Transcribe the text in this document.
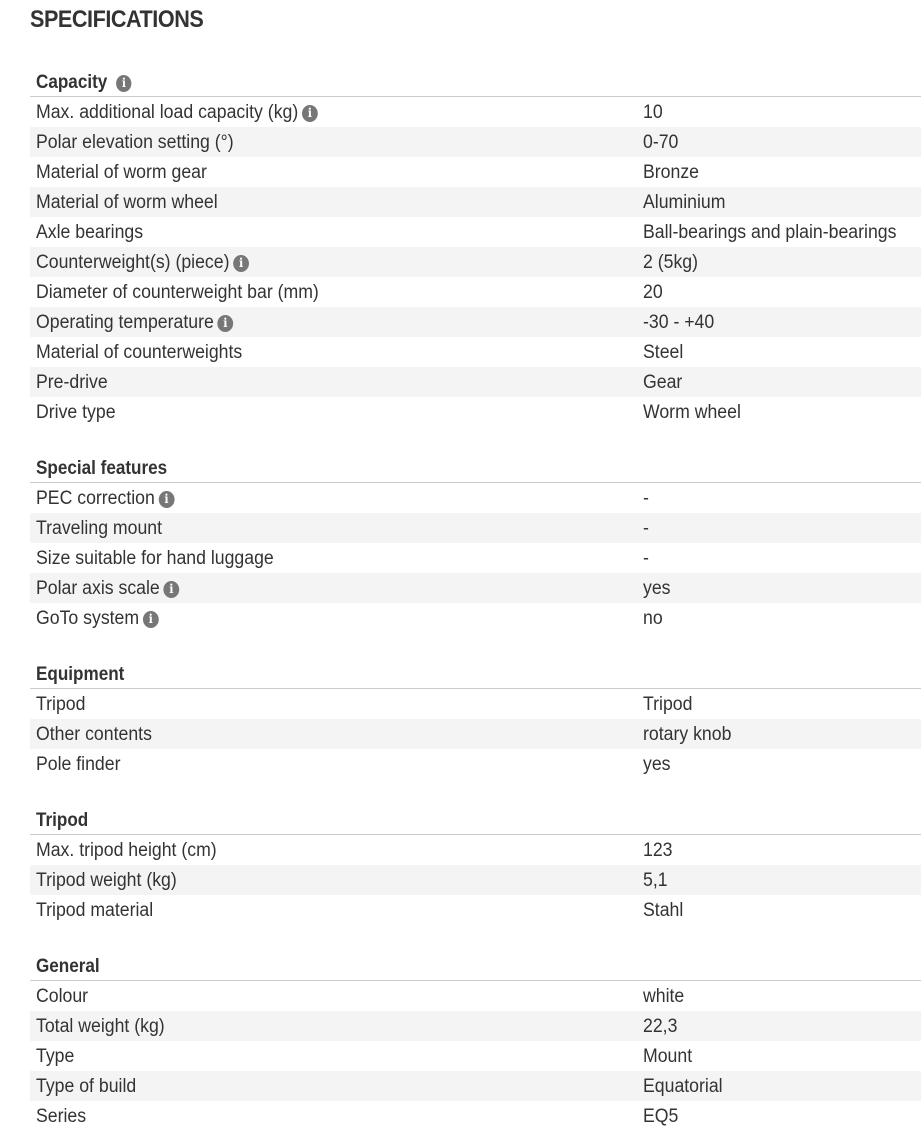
SPECIFICATIONS
Capacity i
Max. additional load capacity (kg) i	10
Polar elevation setting (°)	0-70
Material of worm gear	Bronze
Material of worm wheel	Aluminium
Axle bearings	Ball-bearings and plain-bearings
Counterweight(s) (piece) i	2 (5kg)
Diameter of counterweight bar (mm)	20
Operating temperature i	-30 - +40
Material of counterweights	Steel
Pre-drive	Gear
Drive type	Worm wheel
Special features
PEC correction i	-
Traveling mount	-
Size suitable for hand luggage	-
Polar axis scale i	yes
GoTo system i	no
Equipment
Tripod	Tripod
Other contents	rotary knob
Pole finder	yes
Tripod
Max. tripod height (cm)	123
Tripod weight (kg)	5,1
Tripod material	Stahl
General
Colour	white
Total weight (kg)	22,3
Type	Mount
Type of build	Equatorial
Series	EQ5
